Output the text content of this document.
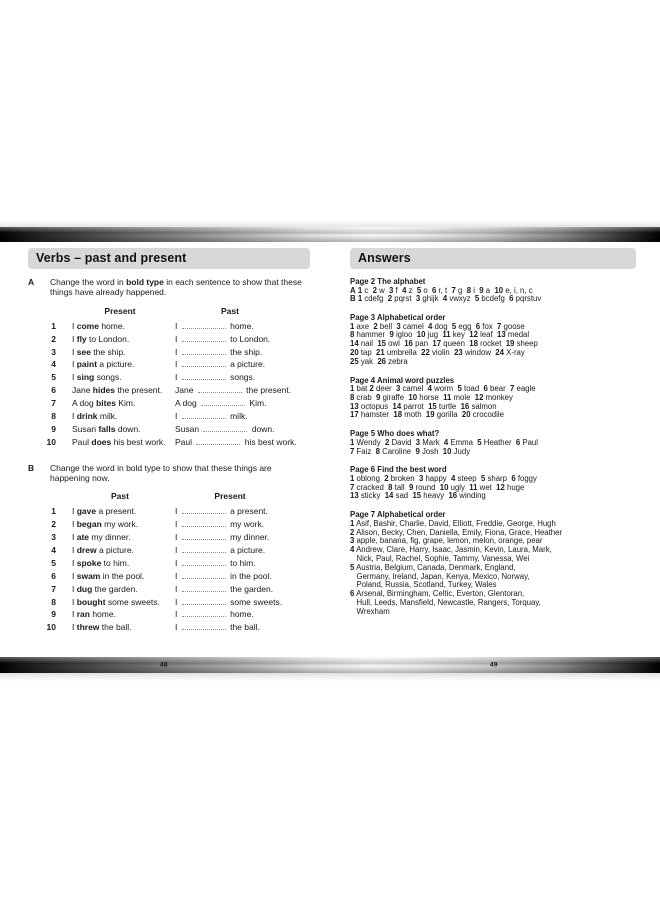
Verbs – past and present
A	Change the word in bold type in each sentence to show that these things have already happened.
Present	Past
1 I come home.	I	home.
2 I fly to London.	I	to London.
3 I see the ship.	I	the ship.
4 I paint a picture.	I	a picture.
5 I sing songs.	I	songs.
6 Jane hides the present.	Jane	the present.
7 A dog bites Kim.	A dog	Kim.
8 I drink milk.	I	milk.
9 Susan falls down.	Susan	down.
10 Paul does his best work.	Paul	his best work.
B	Change the word in bold type to show that these things are happening now.
Past	Present
1 I gave a present.	I	a present.
2 I began my work.	I	my work.
3 I ate my dinner.	I	my dinner.
4 I drew a picture.	I	a picture.
5 I spoke to him.	I	to him.
6 I swam in the pool.	I	in the pool.
7 I dug the garden.	I	the garden.
8 I bought some sweets.	I	some sweets.
9 I ran home.	I	home.
10 I threw the ball.	I	the ball.
Answers
Page 2 The alphabet
A 1 c  2 w  3 f  4 z  5 o  6 r, t  7 g  8 i  9 a  10 e, i, n, c
B 1 cdefg  2 pqrst  3 ghijk  4 vwxyz  5 bcdefg  6 pqrstuv
Page 3 Alphabetical order
1 axe  2 bell  3 camel  4 dog  5 egg  6 fox  7 goose
8 hammer  9 igloo  10 jug  11 key  12 leaf  13 medal
14 nail  15 owl  16 pan  17 queen  18 rocket  19 sheep
20 tap  21 umbrella  22 violin  23 window  24 X-ray
25 yak  26 zebra
Page 4 Animal word puzzles
1 bat 2 deer  3 camel  4 worm  5 toad  6 bear  7 eagle
8 crab  9 giraffe  10 horse  11 mole  12 monkey
13 octopus  14 parrot  15 turtle  16 salmon
17 hamster  18 moth  19 gorilla  20 crocodile
Page 5 Who does what?
1 Wendy  2 David  3 Mark  4 Emma  5 Heather  6 Paul
7 Faiz  8 Caroline  9 Josh  10 Judy
Page 6 Find the best word
1 oblong  2 broken  3 happy  4 steep  5 sharp  6 foggy
7 cracked  8 tall  9 round  10 ugly  11 wet  12 huge
13 sticky  14 sad  15 heavy  16 winding
Page 7 Alphabetical order
1 Asif, Bashir, Charlie, David, Elliott, Freddie, George, Hugh
2 Alison, Becky, Chen, Daniella, Emily, Fiona, Grace, Heather
3 apple, banana, fig, grape, lemon, melon, orange, pear
4 Andrew, Clare, Harry, Isaac, Jasmin, Kevin, Laura, Mark,
Nick, Paul, Rachel, Sophie, Tammy, Vanessa, Wei
5 Austria, Belgium, Canada, Denmark, England,
Germany, Ireland, Japan, Kenya, Mexico, Norway,
Poland, Russia, Scotland, Turkey, Wales
6 Arsenal, Birmingham, Celtic, Everton, Glentoran,
Hull, Leeds, Mansfield, Newcastle, Rangers, Torquay,
Wrexham
48	49
